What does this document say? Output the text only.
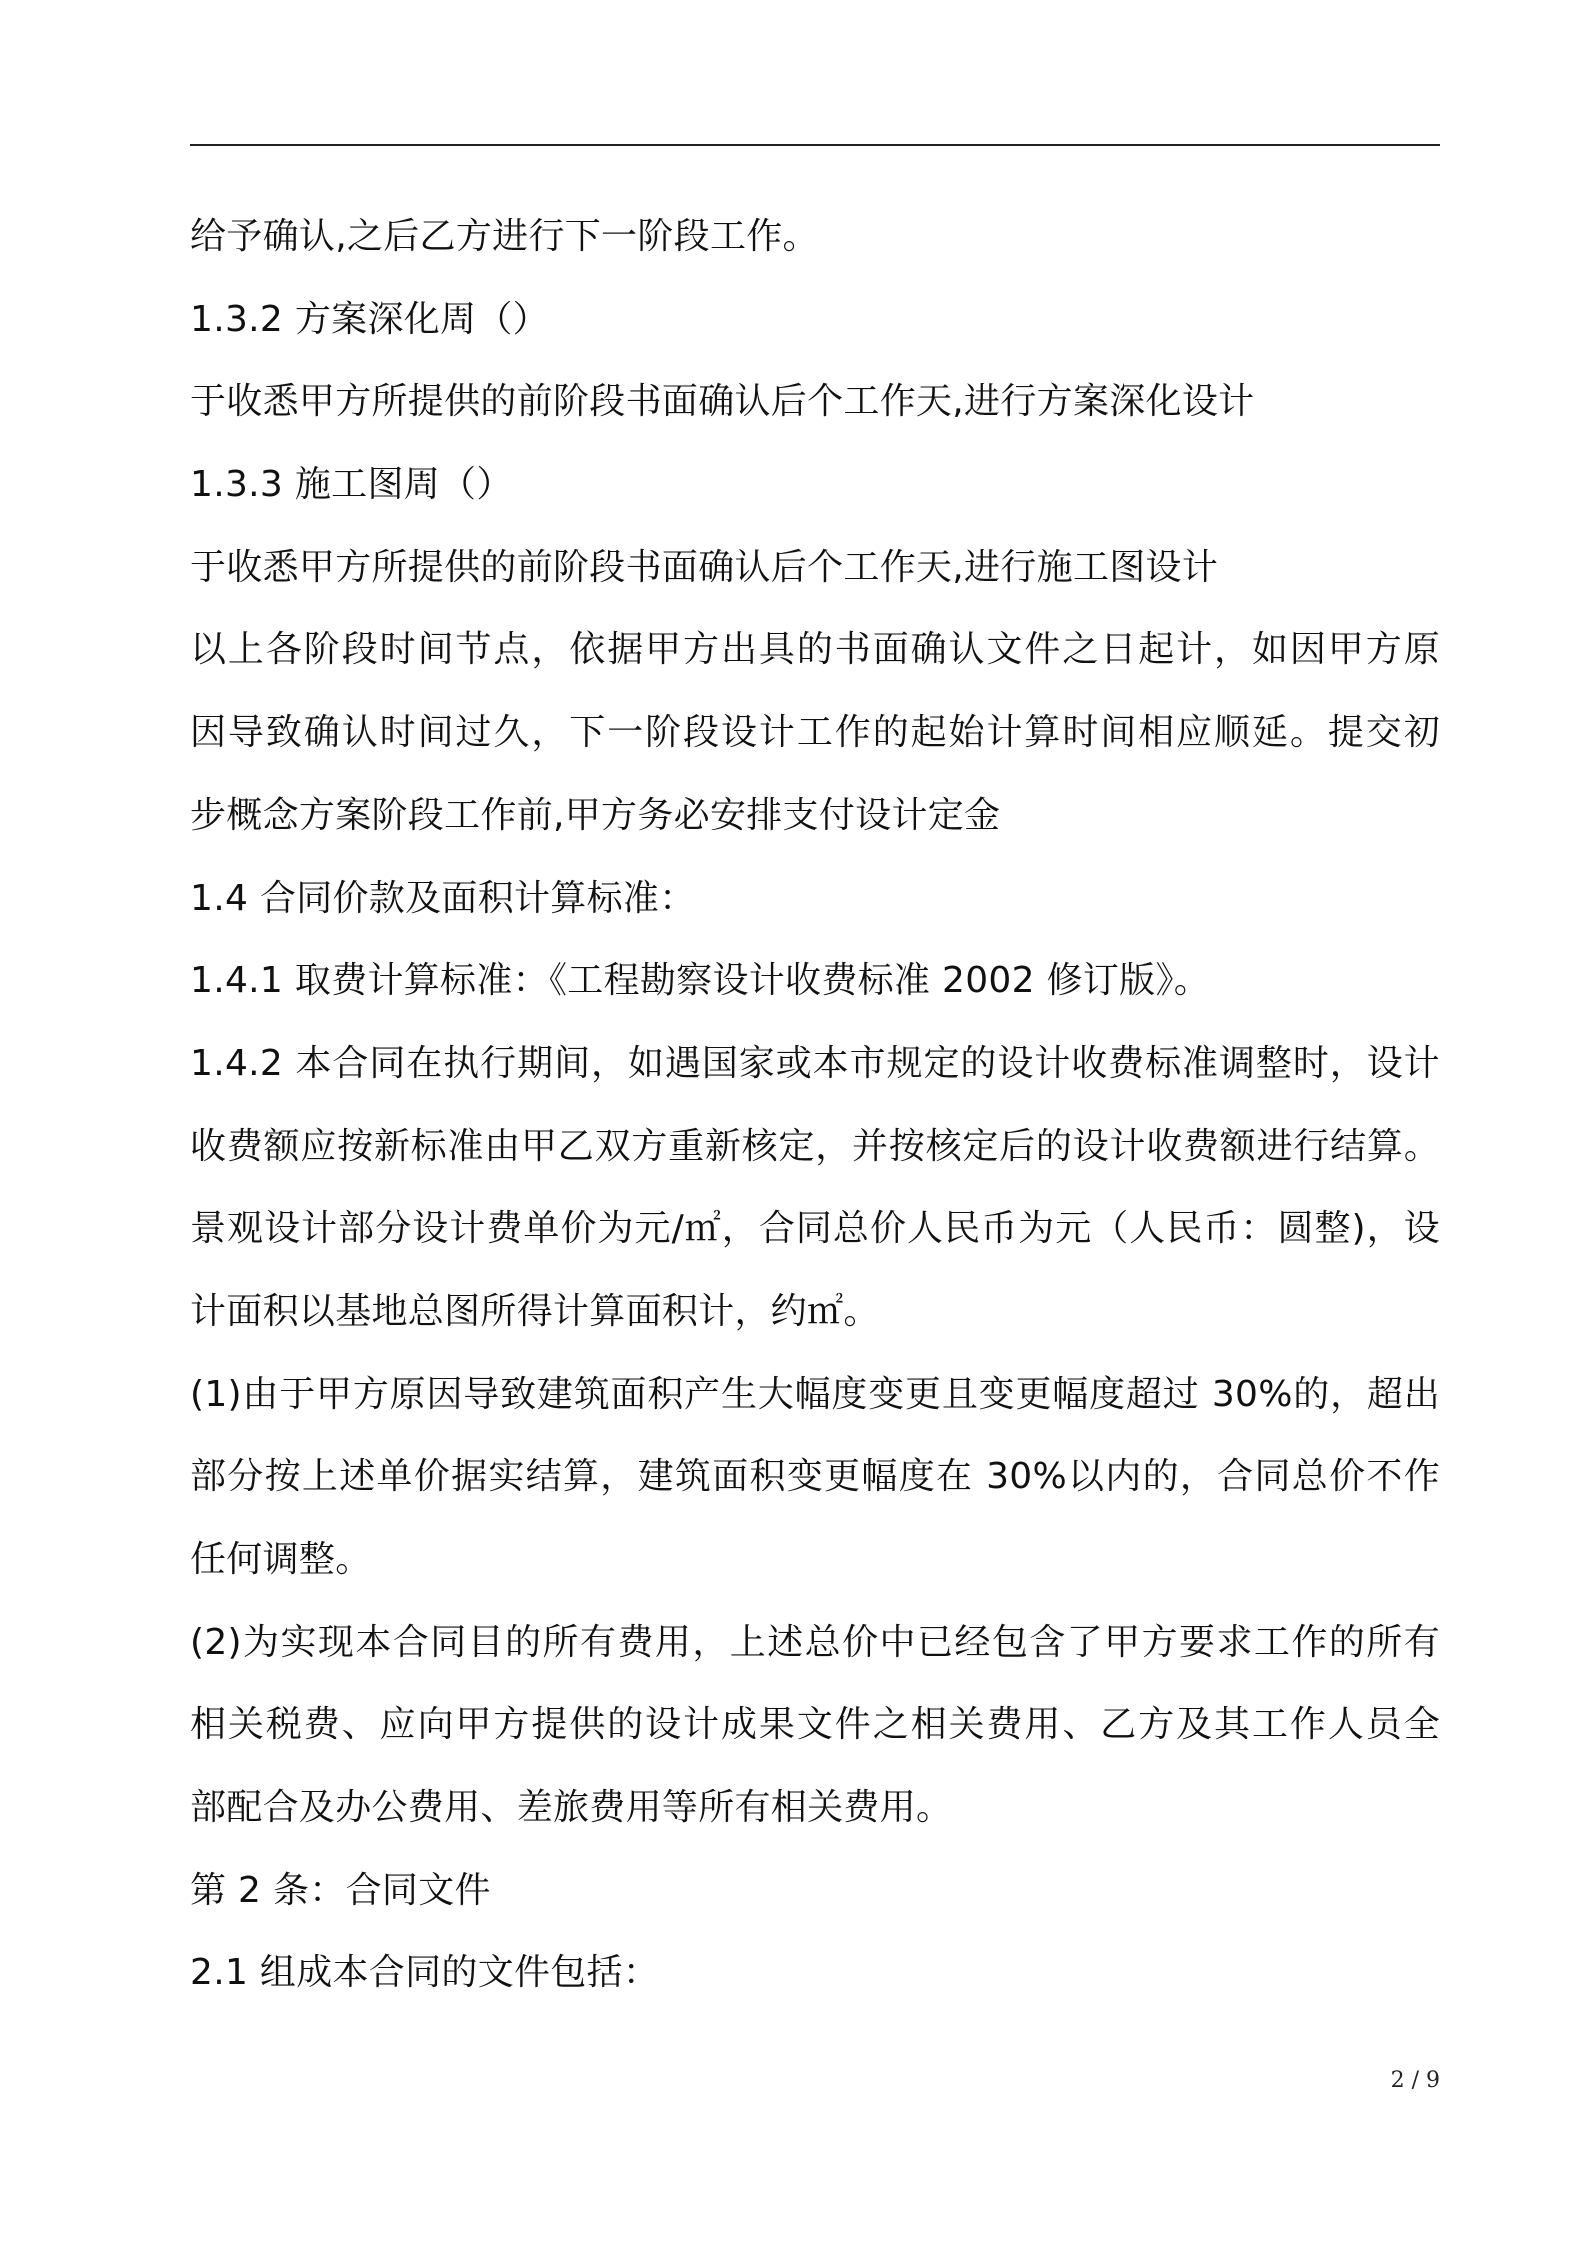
给予确认,之后乙方进行下一阶段工作。
1.3.2 方案深化周（）
于收悉甲方所提供的前阶段书面确认后个工作天,进行方案深化设计
1.3.3 施工图周（）
于收悉甲方所提供的前阶段书面确认后个工作天,进行施工图设计
以上各阶段时间节点，依据甲方出具的书面确认文件之日起计，如因甲方原
因导致确认时间过久，下一阶段设计工作的起始计算时间相应顺延。提交初
步概念方案阶段工作前,甲方务必安排支付设计定金
1.4 合同价款及面积计算标准：
1.4.1 取费计算标准：《工程勘察设计收费标准 2002 修订版》。
1.4.2 本合同在执行期间，如遇国家或本市规定的设计收费标准调整时，设计
收费额应按新标准由甲乙双方重新核定，并按核定后的设计收费额进行结算。
景观设计部分设计费单价为元/㎡，合同总价人民币为元（人民币：圆整)，设
计面积以基地总图所得计算面积计，约㎡。
(1)由于甲方原因导致建筑面积产生大幅度变更且变更幅度超过 30%的，超出
部分按上述单价据实结算，建筑面积变更幅度在 30%以内的，合同总价不作
任何调整。
(2)为实现本合同目的所有费用，上述总价中已经包含了甲方要求工作的所有
相关税费、应向甲方提供的设计成果文件之相关费用、乙方及其工作人员全
部配合及办公费用、差旅费用等所有相关费用。
第 2 条：合同文件
2.1 组成本合同的文件包括：
2 / 9
